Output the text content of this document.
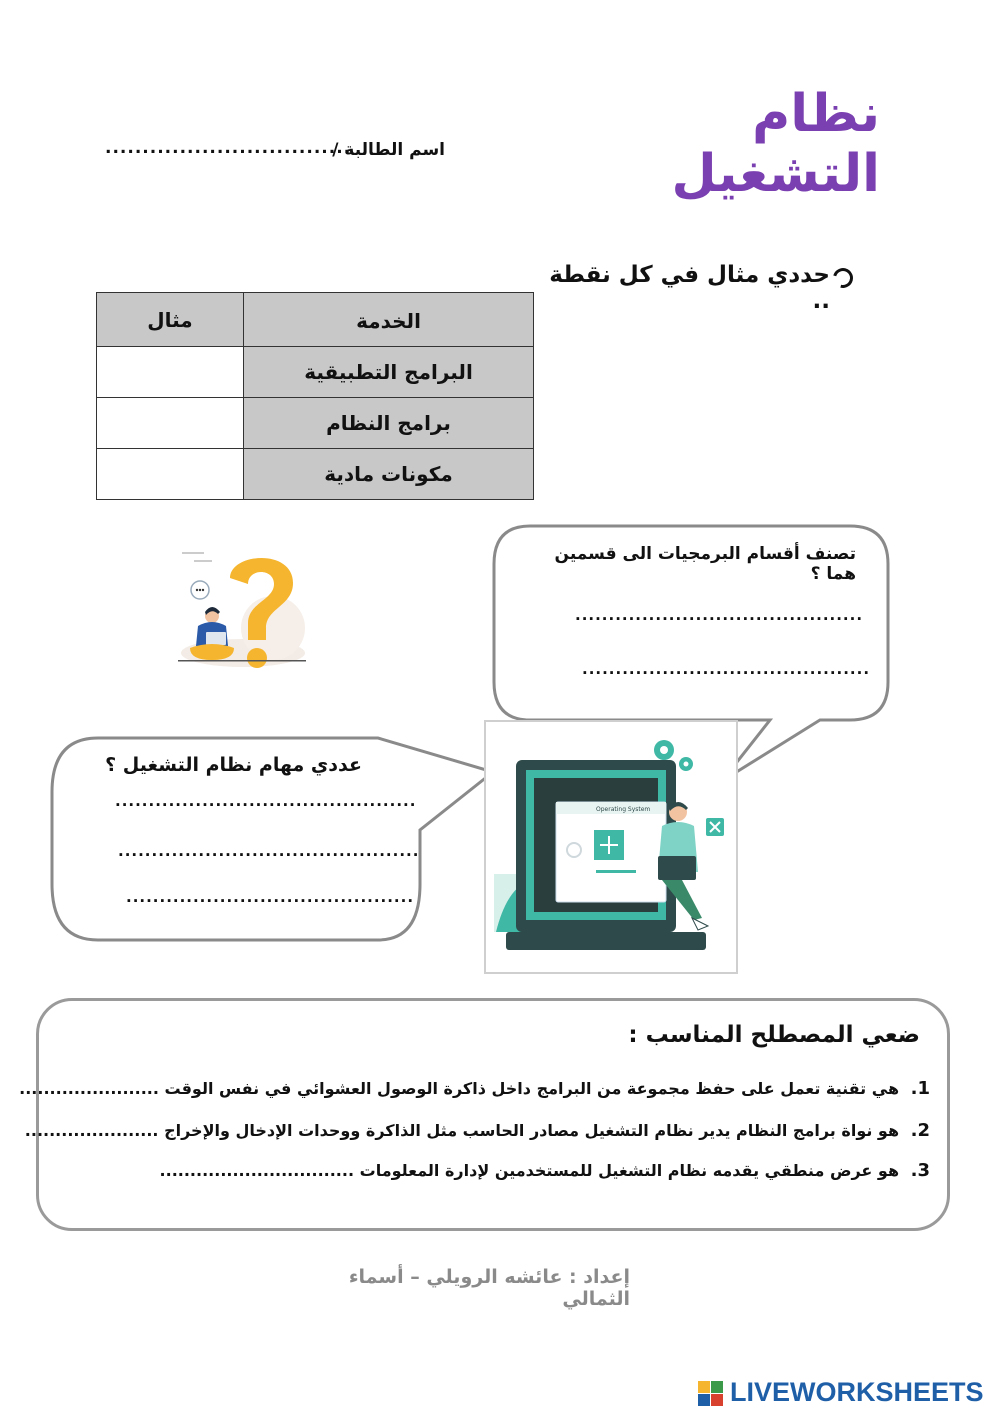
نظام التشغيل
اسم الطالبة /
.................................
حددي مثال في كل نقطة ..
الخدمة	مثال
البرامج التطبيقية	
برامج النظام	
مكونات مادية	
تصنف أقسام البرمجيات الى قسمين هما ؟
...........................................
...........................................
عددي مهام نظام التشغيل ؟
.............................................
.............................................
...........................................
Operating System
ضعي المصطلح المناسب :
1. هي تقنية تعمل على حفظ مجموعة من البرامج داخل ذاكرة الوصول العشوائي في نفس الوقت .......................
2. هو نواة برامج النظام يدير نظام التشغيل مصادر الحاسب مثل الذاكرة ووحدات الإدخال والإخراج ......................
3. هو عرض منطقي يقدمه نظام التشغيل للمستخدمين لإدارة المعلومات ................................
إعداد : عائشه الرويلي – أسماء الثمالي
LIVEWORKSHEETS
